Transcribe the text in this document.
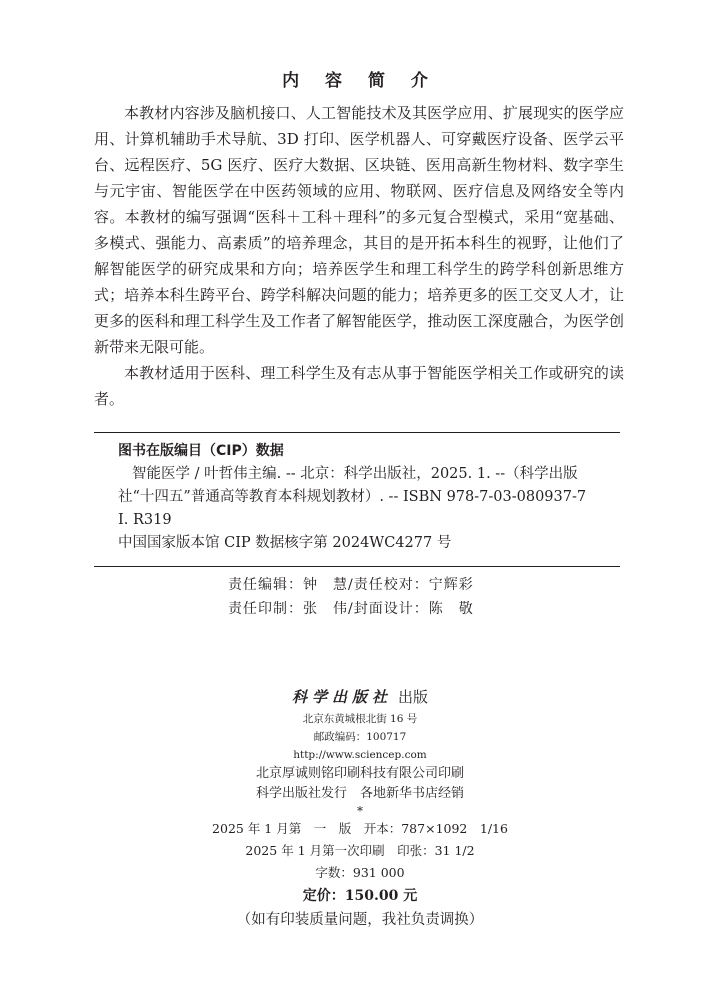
内 容 简 介

本教材内容涉及脑机接口、人工智能技术及其医学应用、扩展现实的医学应用、计算机辅助手术导航、3D 打印、医学机器人、可穿戴医疗设备、医学云平台、远程医疗、5G 医疗、医疗大数据、区块链、医用高新生物材料、数字孪生与元宇宙、智能医学在中医药领域的应用、物联网、医疗信息及网络安全等内容。本教材的编写强调“医科＋工科＋理科”的多元复合型模式，采用“宽基础、多模式、强能力、高素质”的培养理念，其目的是开拓本科生的视野，让他们了解智能医学的研究成果和方向；培养医学生和理工科学生的跨学科创新思维方式；培养本科生跨平台、跨学科解决问题的能力；培养更多的医工交叉人才，让更多的医科和理工科学生及工作者了解智能医学，推动医工深度融合，为医学创新带来无限可能。

本教材适用于医科、理工科学生及有志从事于智能医学相关工作或研究的读者。

图书在版编目（CIP）数据
智能医学 / 叶哲伟主编. -- 北京：科学出版社，2025. 1. --（科学出版
社“十四五”普通高等教育本科规划教材）. -- ISBN 978-7-03-080937-7
Ⅰ. R319
中国国家版本馆 CIP 数据核字第 2024WC4277 号
责任编辑：钟　慧/责任校对：宁辉彩
责任印制：张　伟/封面设计：陈　敬
科学出版社 出版
北京东黄城根北街 16 号
邮政编码：100717
http://www.sciencep.com
北京厚诚则铭印刷科技有限公司印刷
科学出版社发行　各地新华书店经销
*
2025 年 1 月第　一　版　开本：787×1092　1/16
2025 年 1 月第一次印刷　印张：31 1/2
字数：931 000
定价：150.00 元
（如有印装质量问题，我社负责调换）
